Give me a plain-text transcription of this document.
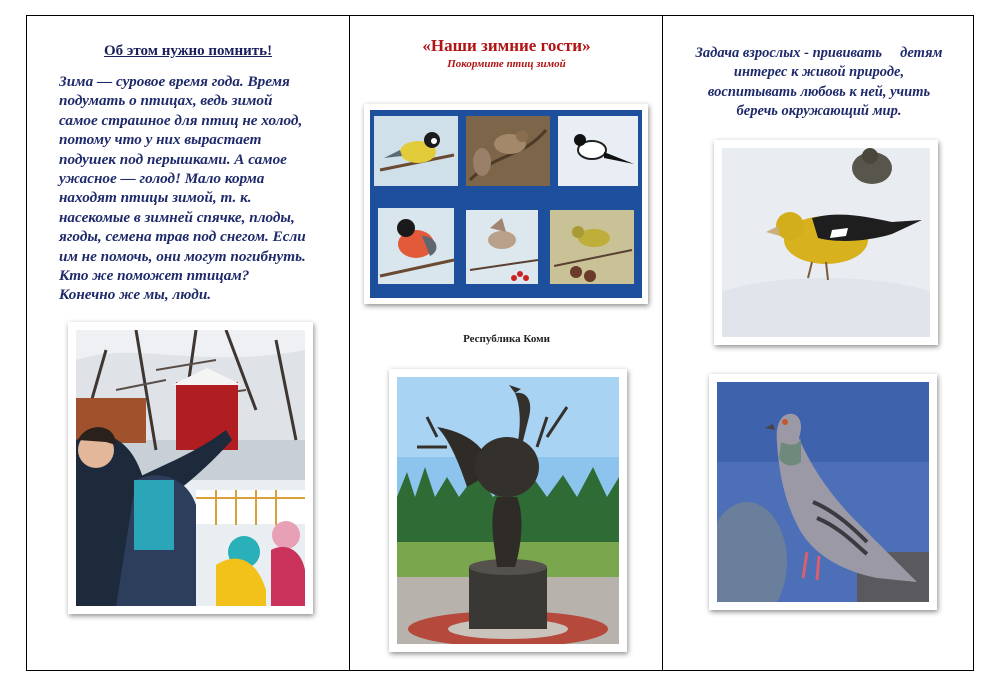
Об этом нужно помнить!
Зима — суровое время года. Время
подумать о птицах, ведь зимой
самое страшное для птиц не холод,
потому что у них вырастает
подушек под перышками. А самое
ужасное — голод! Мало корма
находят птицы зимой, т. к.
насекомые в зимней спячке, плоды,
ягоды, семена трав под снегом. Если
им не помочь, они могут погибнуть.
Кто же поможет птицам?
Конечно же мы, люди.
«Наши зимние гости»
Покормите птиц зимой
Республика Коми
Задача взрослых - прививать     детям
интерес к живой природе,
воспитывать любовь к ней, учить
беречь окружающий мир.
